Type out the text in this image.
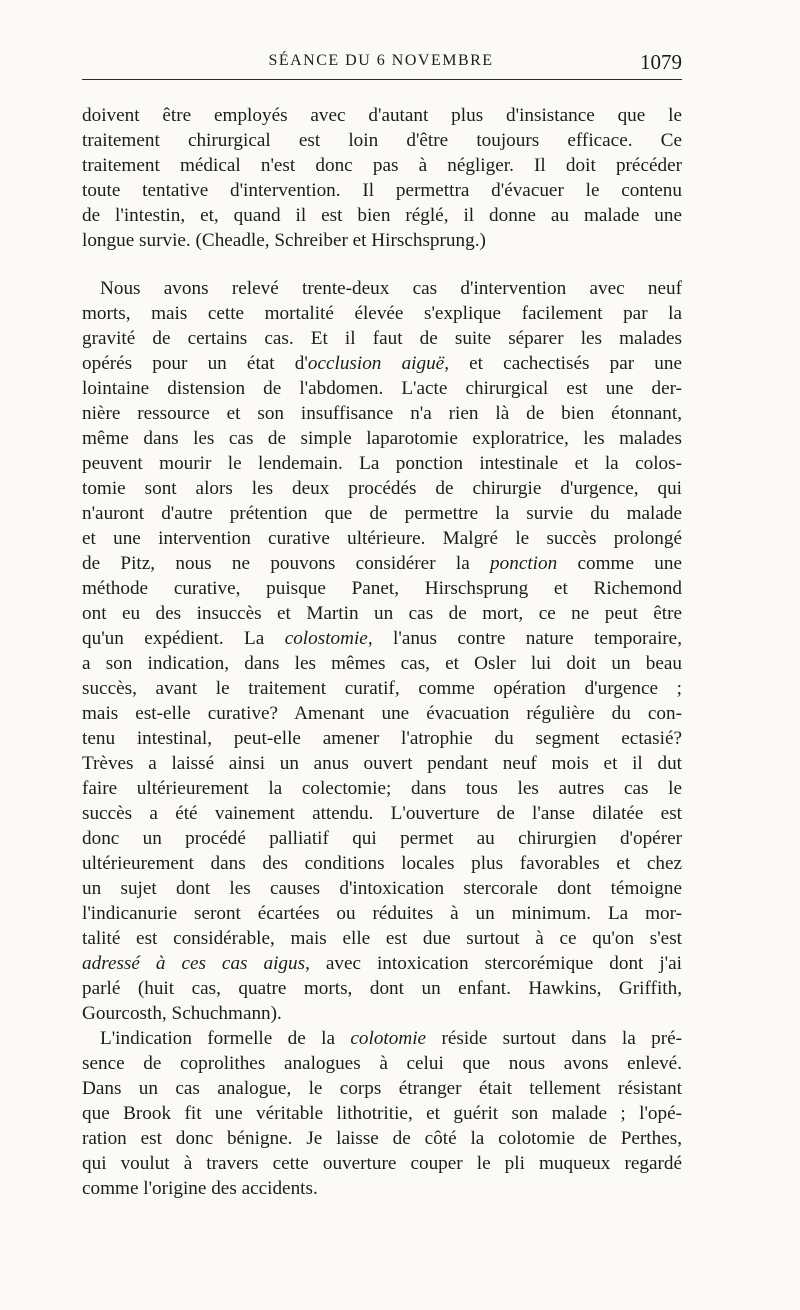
SÉANCE DU 6 NOVEMBRE	1079
doivent être employés avec d'autant plus d'insistance que le
traitement chirurgical est loin d'être toujours efficace. Ce
traitement médical n'est donc pas à négliger. Il doit précéder
toute tentative d'intervention. Il permettra d'évacuer le contenu
de l'intestin, et, quand il est bien réglé, il donne au malade une
longue survie. (Cheadle, Schreiber et Hirschsprung.)
Nous avons relevé trente-deux cas d'intervention avec neuf
morts, mais cette mortalité élevée s'explique facilement par la
gravité de certains cas. Et il faut de suite séparer les malades
opérés pour un état d'occlusion aiguë, et cachectisés par une
lointaine distension de l'abdomen. L'acte chirurgical est une der-
nière ressource et son insuffisance n'a rien là de bien étonnant,
même dans les cas de simple laparotomie exploratrice, les malades
peuvent mourir le lendemain. La ponction intestinale et la colos-
tomie sont alors les deux procédés de chirurgie d'urgence, qui
n'auront d'autre prétention que de permettre la survie du malade
et une intervention curative ultérieure. Malgré le succès prolongé
de Pitz, nous ne pouvons considérer la ponction comme une
méthode curative, puisque Panet, Hirschsprung et Richemond
ont eu des insuccès et Martin un cas de mort, ce ne peut être
qu'un expédient. La colostomie, l'anus contre nature temporaire,
a son indication, dans les mêmes cas, et Osler lui doit un beau
succès, avant le traitement curatif, comme opération d'urgence ;
mais est-elle curative? Amenant une évacuation régulière du con-
tenu intestinal, peut-elle amener l'atrophie du segment ectasié?
Trèves a laissé ainsi un anus ouvert pendant neuf mois et il dut
faire ultérieurement la colectomie; dans tous les autres cas le
succès a été vainement attendu. L'ouverture de l'anse dilatée est
donc un procédé palliatif qui permet au chirurgien d'opérer
ultérieurement dans des conditions locales plus favorables et chez
un sujet dont les causes d'intoxication stercorale dont témoigne
l'indicanurie seront écartées ou réduites à un minimum. La mor-
talité est considérable, mais elle est due surtout à ce qu'on s'est
adressé à ces cas aigus, avec intoxication stercorémique dont j'ai
parlé (huit cas, quatre morts, dont un enfant. Hawkins, Griffith,
Gourcosth, Schuchmann).
L'indication formelle de la colotomie réside surtout dans la pré-
sence de coprolithes analogues à celui que nous avons enlevé.
Dans un cas analogue, le corps étranger était tellement résistant
que Brook fit une véritable lithotritie, et guérit son malade ; l'opé-
ration est donc bénigne. Je laisse de côté la colotomie de Perthes,
qui voulut à travers cette ouverture couper le pli muqueux regardé
comme l'origine des accidents.
